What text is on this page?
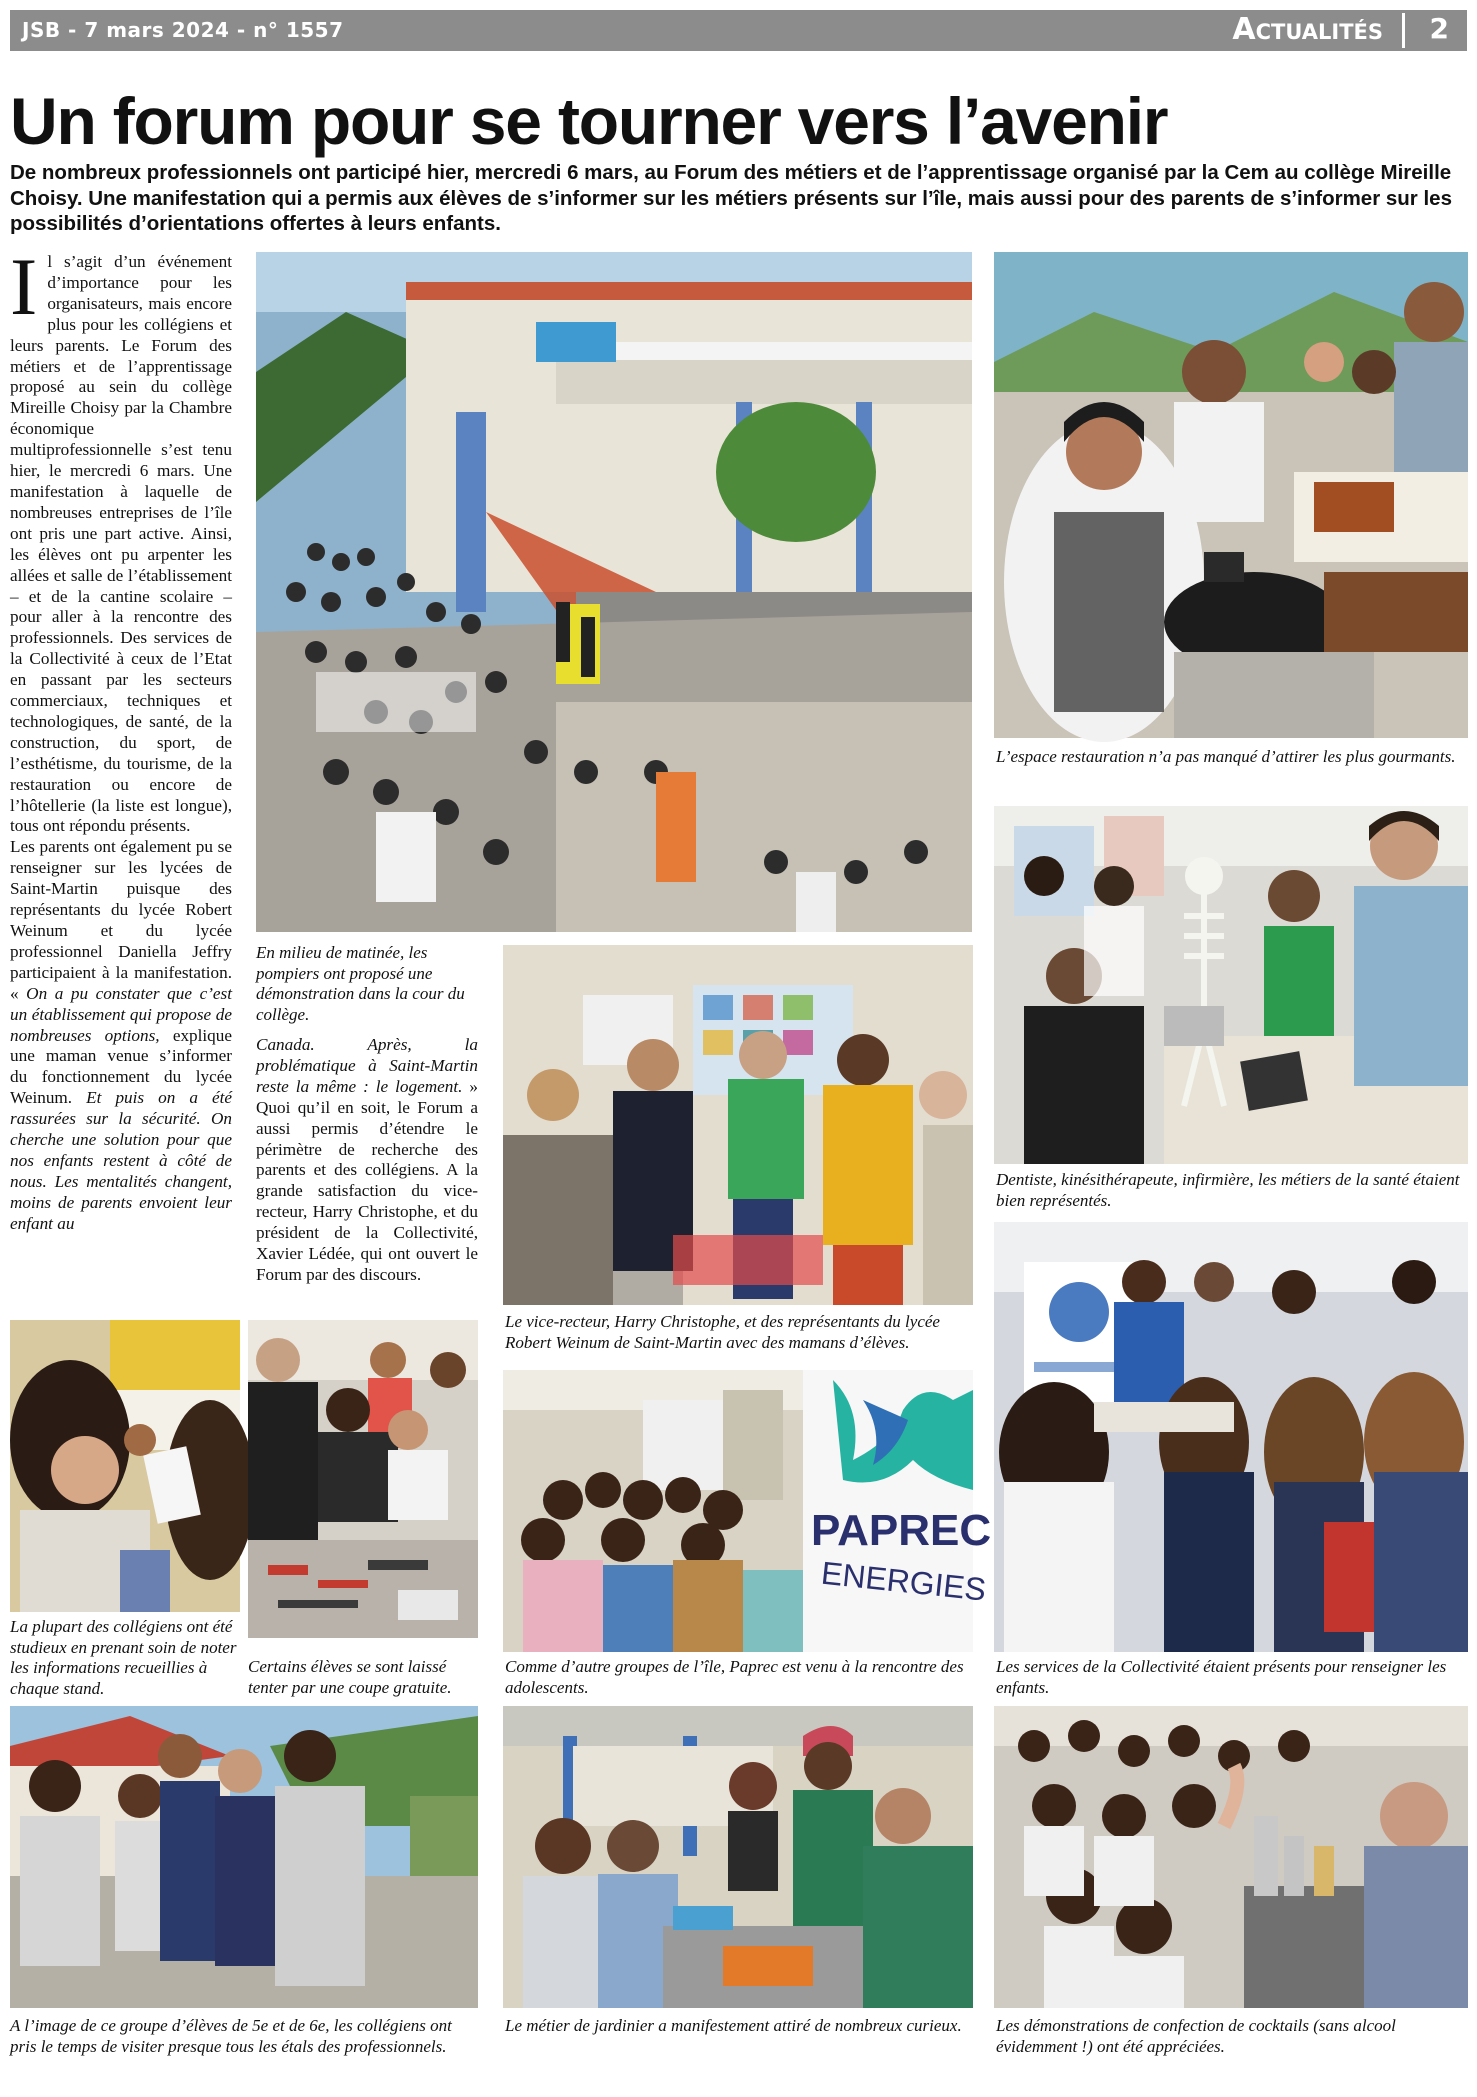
JSB - 7 mars 2024 - n° 1557	Actualités 2
Un forum pour se tourner vers l’avenir

De nombreux professionnels ont participé hier, mercredi 6 mars, au Forum des métiers et de l’apprentissage organisé par la Cem au collège Mireille Choisy. Une manifestation qui a permis aux élèves de s’informer sur les métiers présents sur l’île, mais aussi pour des parents de s’informer sur les possibilités d’orientations offertes à leurs enfants.

Il s’agit d’un événement d’importance pour les organisateurs, mais encore plus pour les collégiens et leurs parents. Le Forum des métiers et de l’apprentissage proposé au sein du collège Mireille Choisy par la Chambre économique multiprofessionnelle s’est tenu hier, le mercredi 6 mars. Une manifestation à laquelle de nombreuses entreprises de l’île ont pris une part active. Ainsi, les élèves ont pu arpenter les allées et salle de l’établissement – et de la cantine scolaire – pour aller à la rencontre des professionnels. Des services de la Collectivité à ceux de l’Etat en passant par les secteurs commerciaux, techniques et technologiques, de santé, de la construction, du sport, de l’esthétisme, du tourisme, de la restauration ou encore de l’hôtellerie (la liste est longue), tous ont répondu présents.

Les parents ont également pu se renseigner sur les lycées de Saint-Martin puisque des représentants du lycée Robert Weinum et du lycée professionnel Daniella Jeffry participaient à la manifestation. « On a pu constater que c’est un établissement qui propose de nombreuses options, explique une maman venue s’informer du fonctionnement du lycée Weinum. Et puis on a été rassurées sur la sécurité. On cherche une solution pour que nos enfants restent à côté de nous. Les mentalités changent, moins de parents envoient leur enfant au

Canada. Après, la problématique à Saint-Martin reste la même : le logement. » Quoi qu’il en soit, le Forum a aussi permis d’étendre le périmètre de recherche des parents et des collégiens. A la grande satisfaction du vice-recteur, Harry Christophe, et du président de la Collectivité, Xavier Lédée, qui ont ouvert le Forum par des discours.

L’espace restauration n’a pas manqué d’attirer les plus gourmants.

Dentiste, kinésithérapeute, infirmière, les métiers de la santé étaient bien représentés.

En milieu de matinée, les pompiers ont proposé une démonstration dans la cour du collège.

Le vice-recteur, Harry Christophe, et des représentants du lycée Robert Weinum de Saint-Martin avec des mamans d’élèves.

La plupart des collégiens ont été studieux en prenant soin de noter les informations recueillies à chaque stand.

Certains élèves se sont laissé tenter par une coupe gratuite.

PAPREC
ENERGIES

Comme d’autre groupes de l’île, Paprec est venu à la rencontre des adolescents.

Les services de la Collectivité étaient présents pour renseigner les enfants.

A l’image de ce groupe d’élèves de 5e et de 6e, les collégiens ont pris le temps de visiter presque tous les étals des professionnels.

Le métier de jardinier a manifestement attiré de nombreux curieux.	Les démonstrations de confection de cocktails (sans alcool évidemment !) ont été appréciées.
